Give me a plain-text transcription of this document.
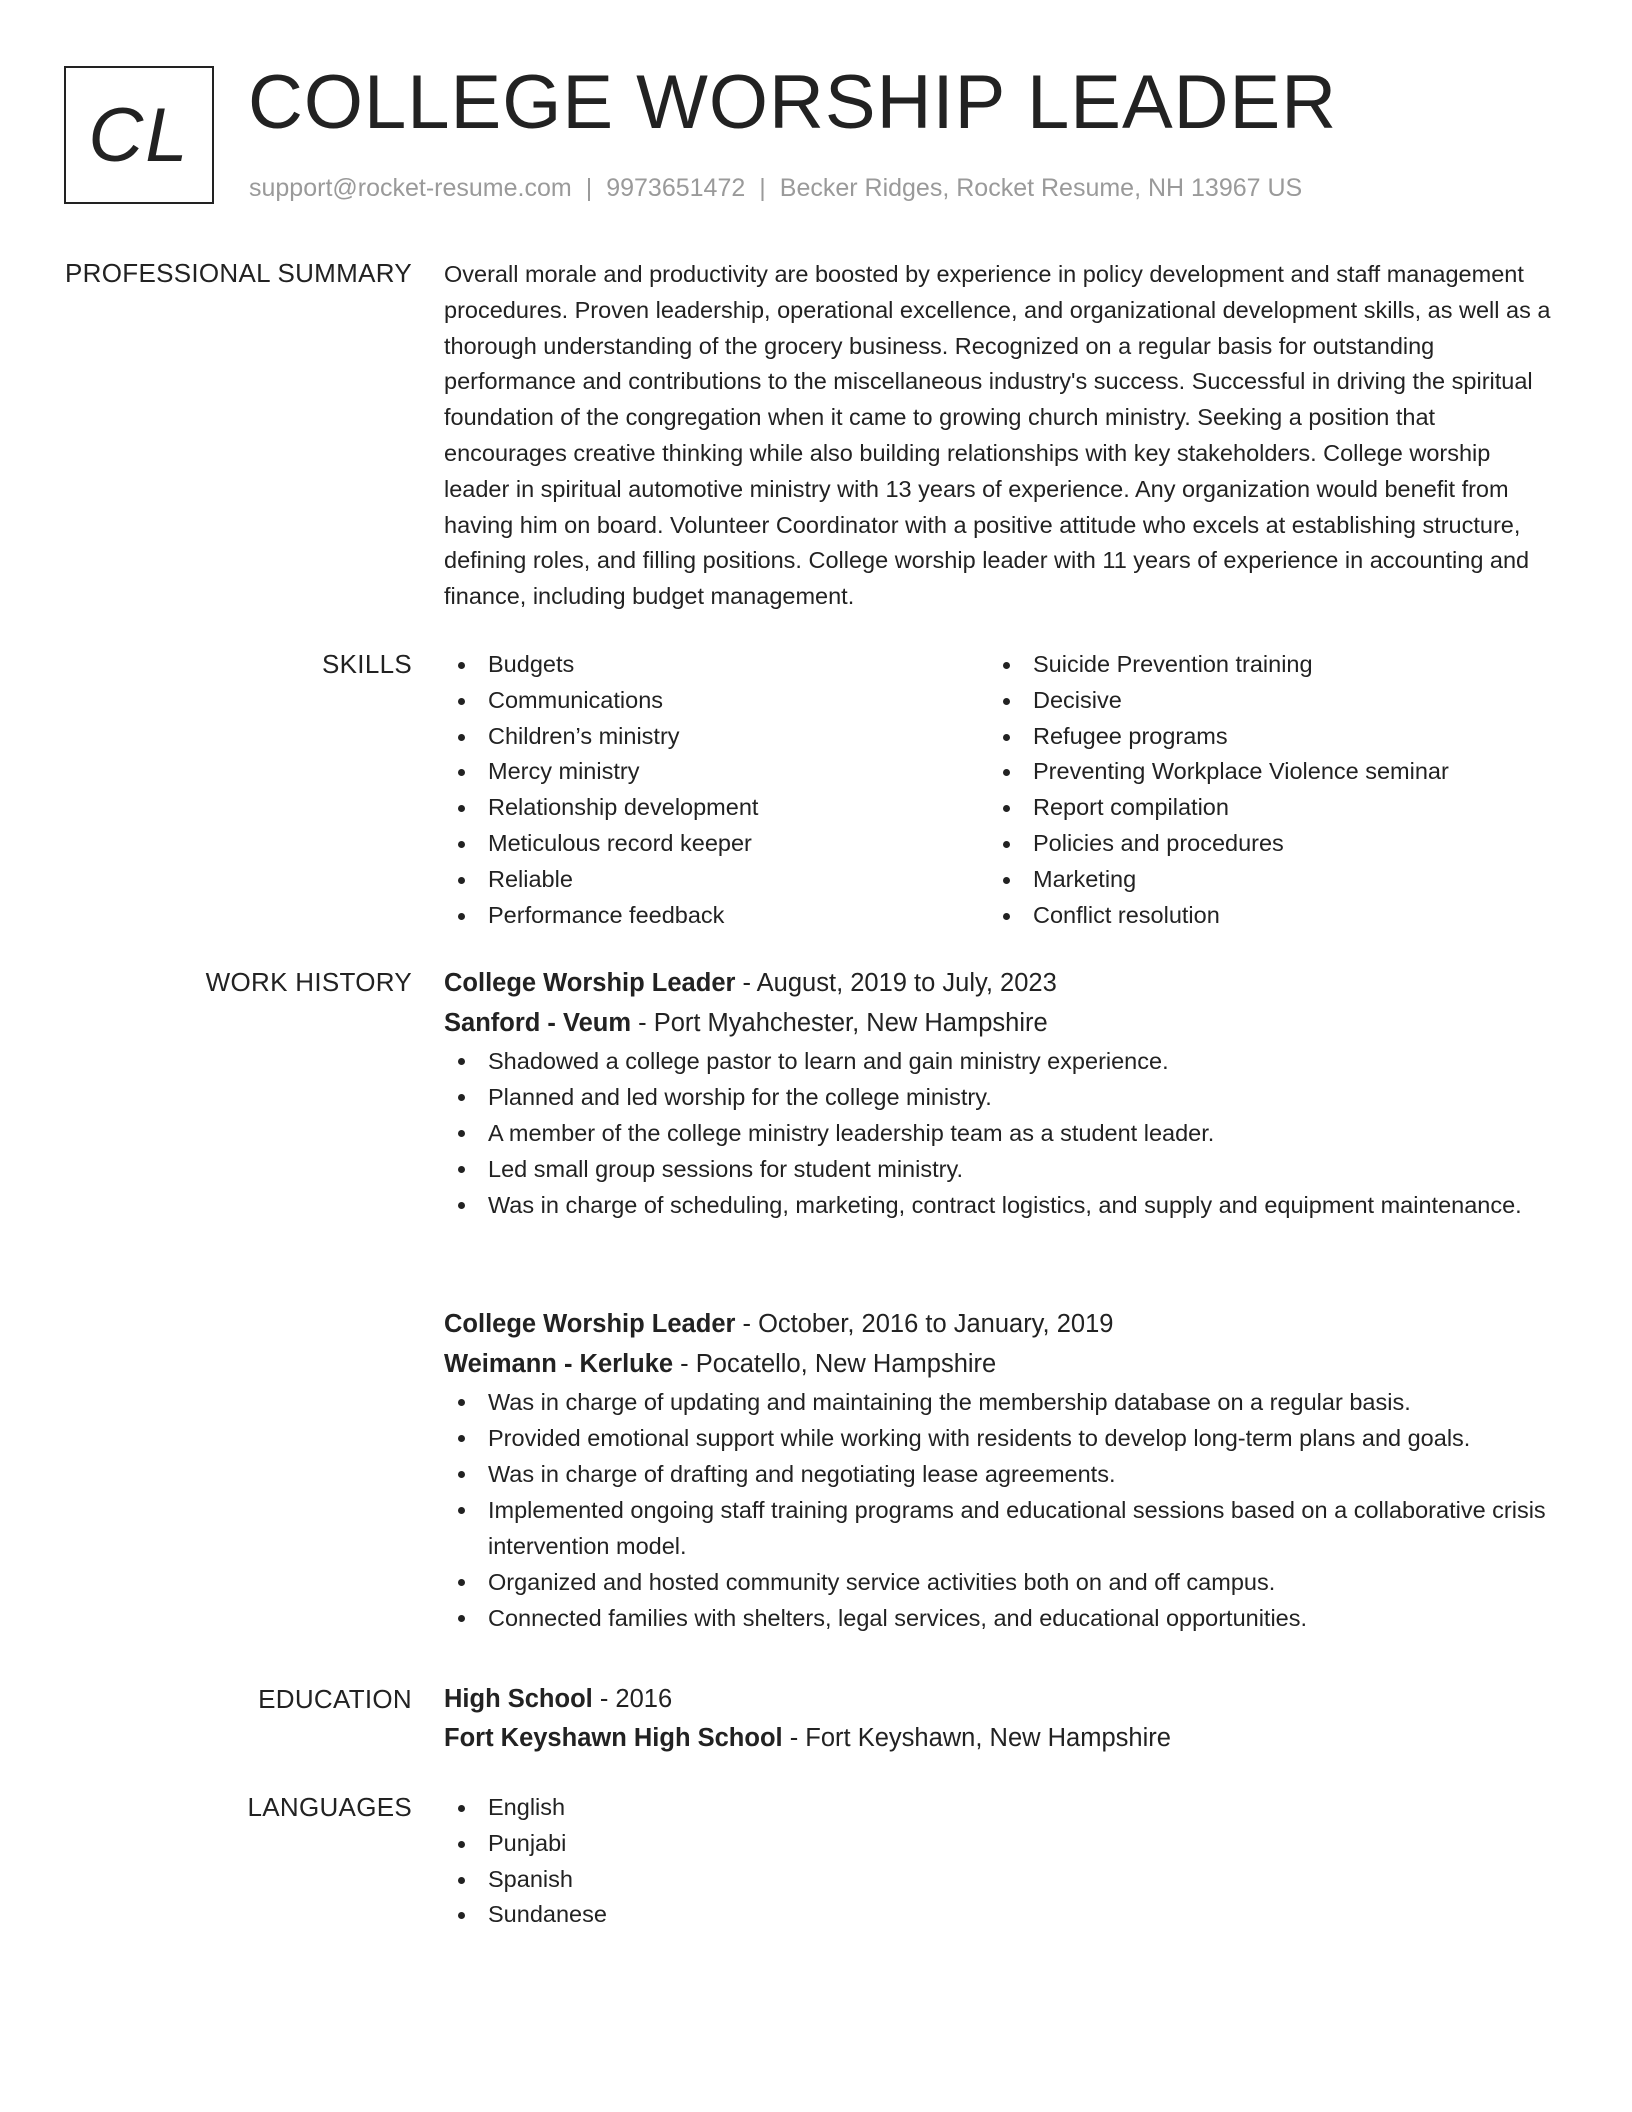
CL COLLEGE WORSHIP LEADER
support@rocket-resume.com | 9973651472 | Becker Ridges, Rocket Resume, NH 13967 US
PROFESSIONAL SUMMARY Overall morale and productivity are boosted by experience in policy development and staff management procedures. Proven leadership, operational excellence, and organizational development skills, as well as a thorough understanding of the grocery business. Recognized on a regular basis for outstanding performance and contributions to the miscellaneous industry's success. Successful in driving the spiritual foundation of the congregation when it came to growing church ministry. Seeking a position that encourages creative thinking while also building relationships with key stakeholders. College worship leader in spiritual automotive ministry with 13 years of experience. Any organization would benefit from having him on board. Volunteer Coordinator with a positive attitude who excels at establishing structure, defining roles, and filling positions. College worship leader with 11 years of experience in accounting and finance, including budget management.

SKILLS	Budgets
Communications
Children’s ministry
Mercy ministry
Relationship development
Meticulous record keeper
Reliable
Performance feedback
Suicide Prevention training
Decisive
Refugee programs
Preventing Workplace Violence seminar
Report compilation
Policies and procedures
Marketing
Conflict resolution
WORK HISTORY College Worship Leader - August, 2019 to July, 2023
Sanford - Veum - Port Myahchester, New Hampshire
Shadowed a college pastor to learn and gain ministry experience.
Planned and led worship for the college ministry.
A member of the college ministry leadership team as a student leader.
Led small group sessions for student ministry.
Was in charge of scheduling, marketing, contract logistics, and supply and equipment maintenance.
College Worship Leader - October, 2016 to January, 2019
Weimann - Kerluke - Pocatello, New Hampshire
Was in charge of updating and maintaining the membership database on a regular basis.
Provided emotional support while working with residents to develop long-term plans and goals.
Was in charge of drafting and negotiating lease agreements.
Implemented ongoing staff training programs and educational sessions based on a collaborative crisis intervention model.
Organized and hosted community service activities both on and off campus.
Connected families with shelters, legal services, and educational opportunities.
EDUCATION High School - 2016
Fort Keyshawn High School - Fort Keyshawn, New Hampshire
LANGUAGES	English
Punjabi
Spanish
Sundanese
